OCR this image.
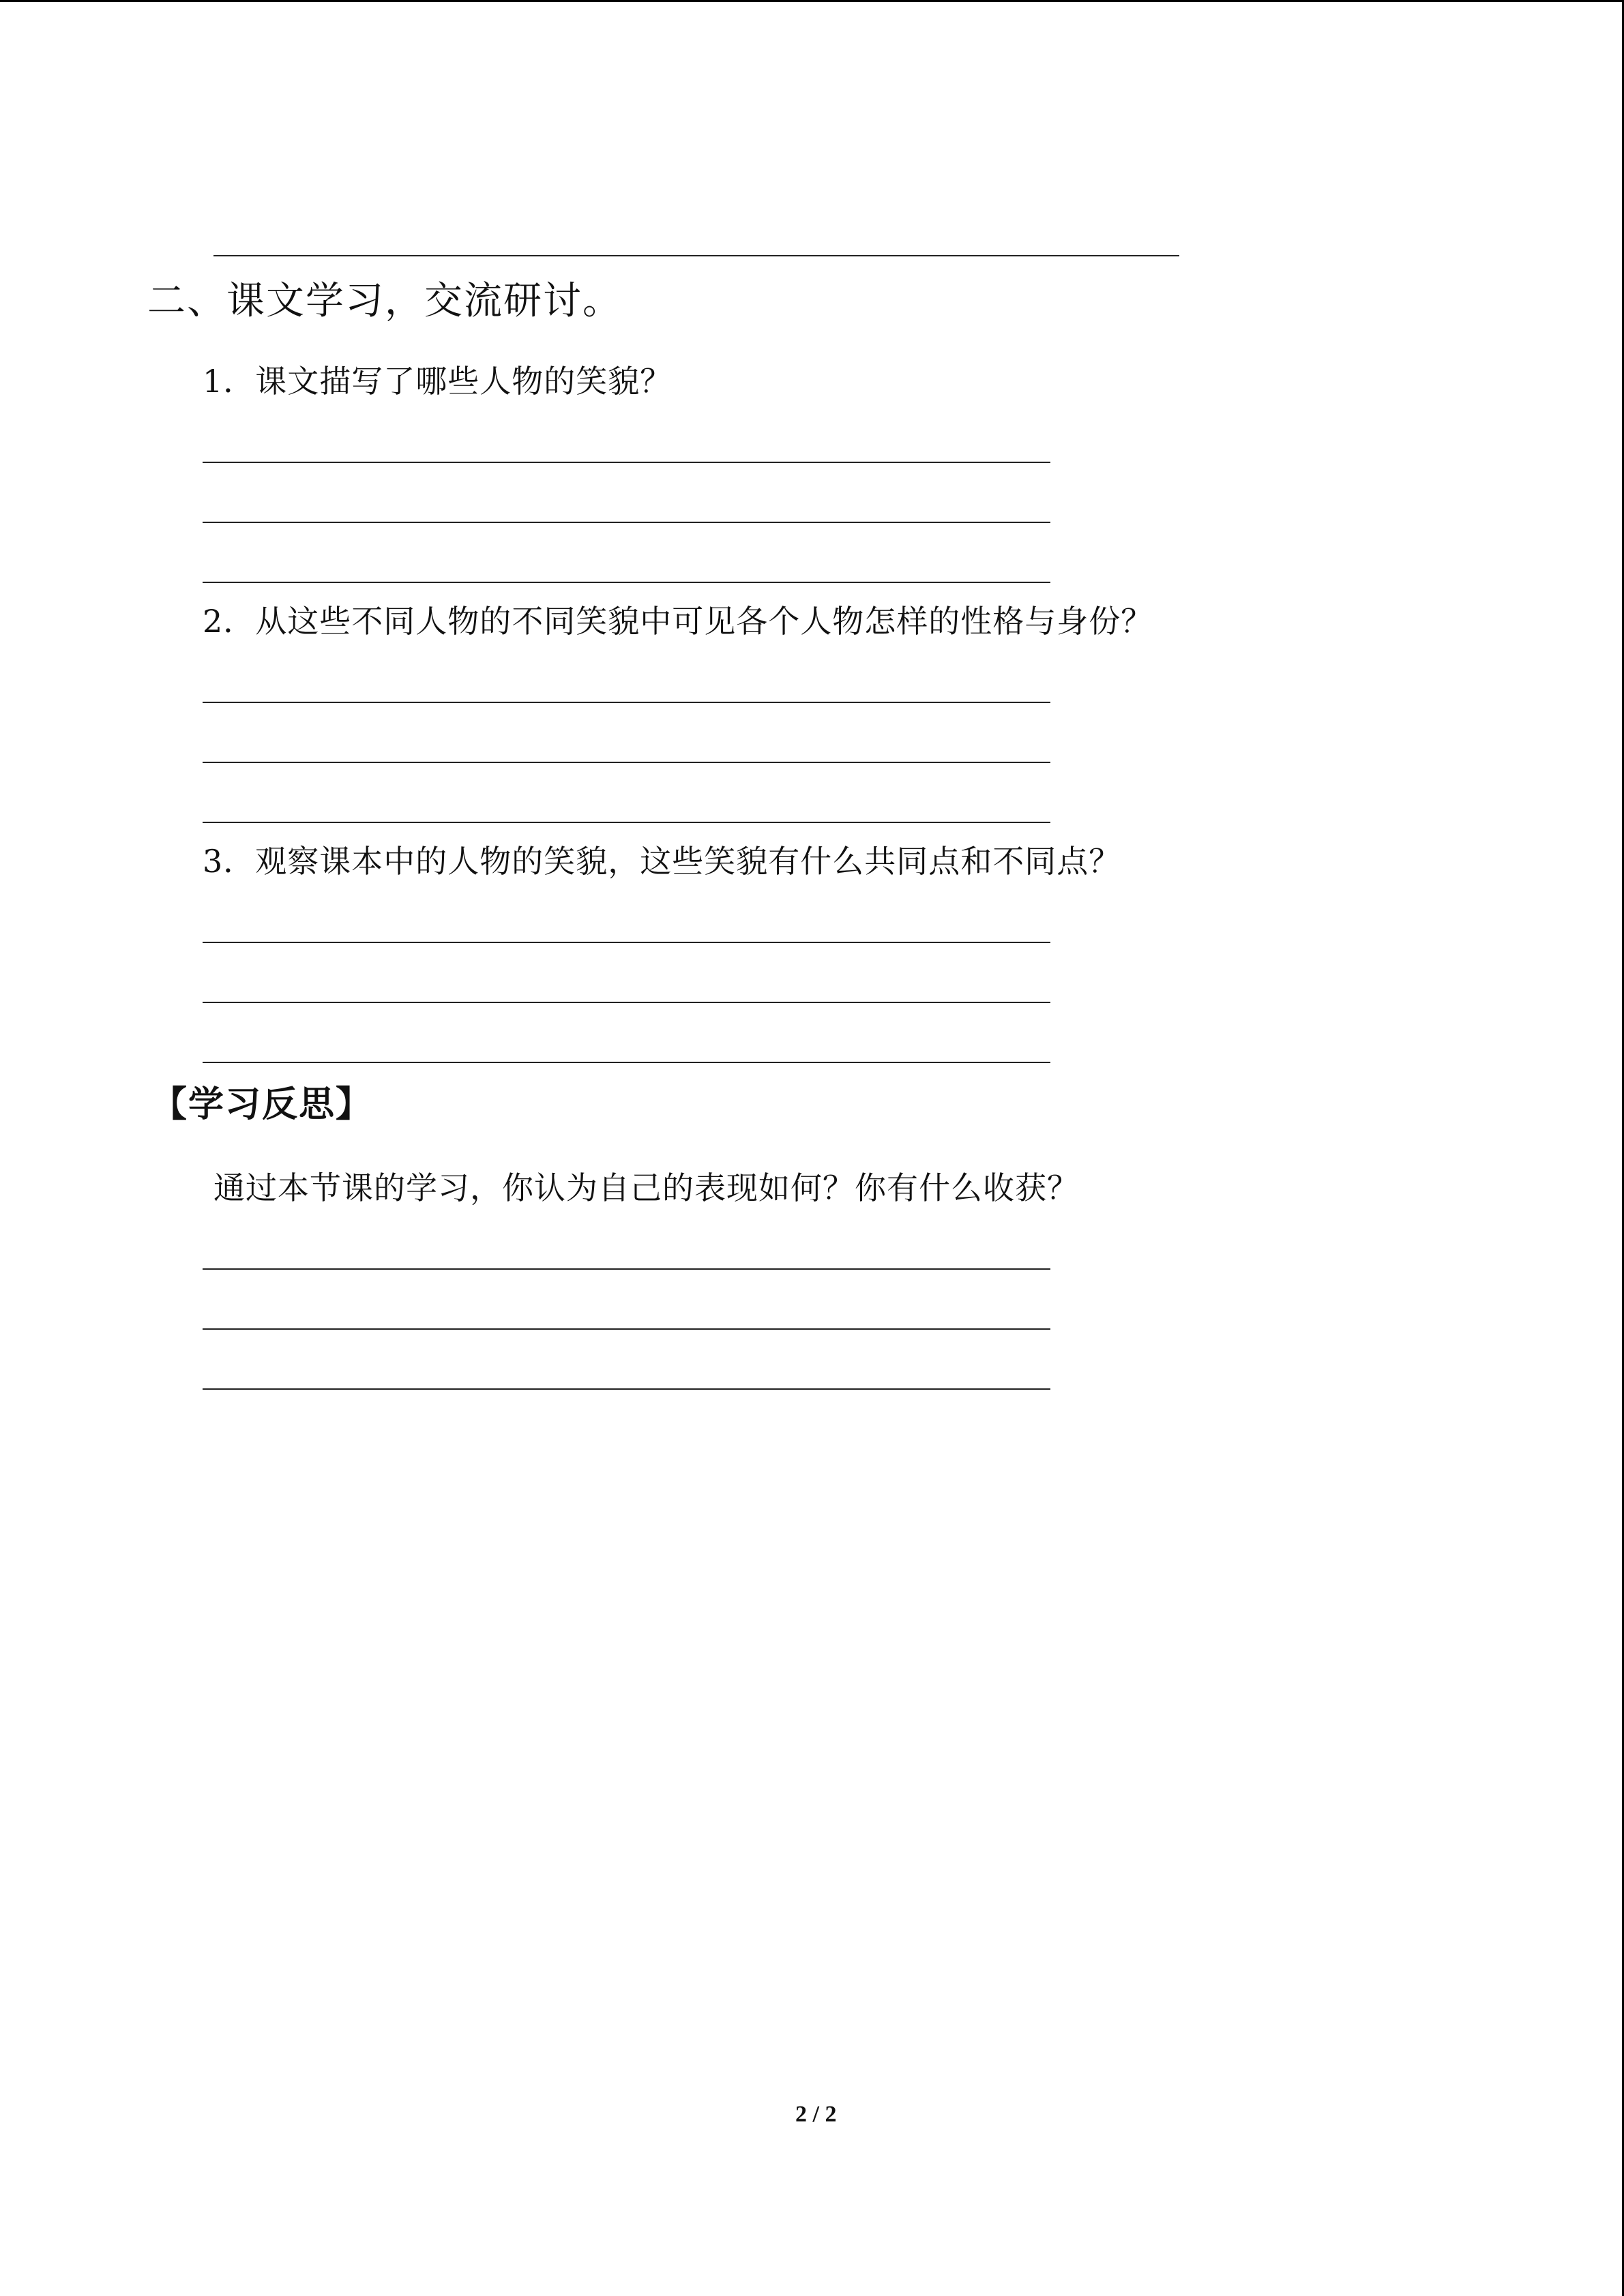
二、课文学习，交流研讨。
1．课文描写了哪些人物的笑貌？
2．从这些不同人物的不同笑貌中可见各个人物怎样的性格与身份？
3．观察课本中的人物的笑貌，这些笑貌有什么共同点和不同点？
【学习反思】
通过本节课的学习，你认为自己的表现如何？你有什么收获？
2 / 2
